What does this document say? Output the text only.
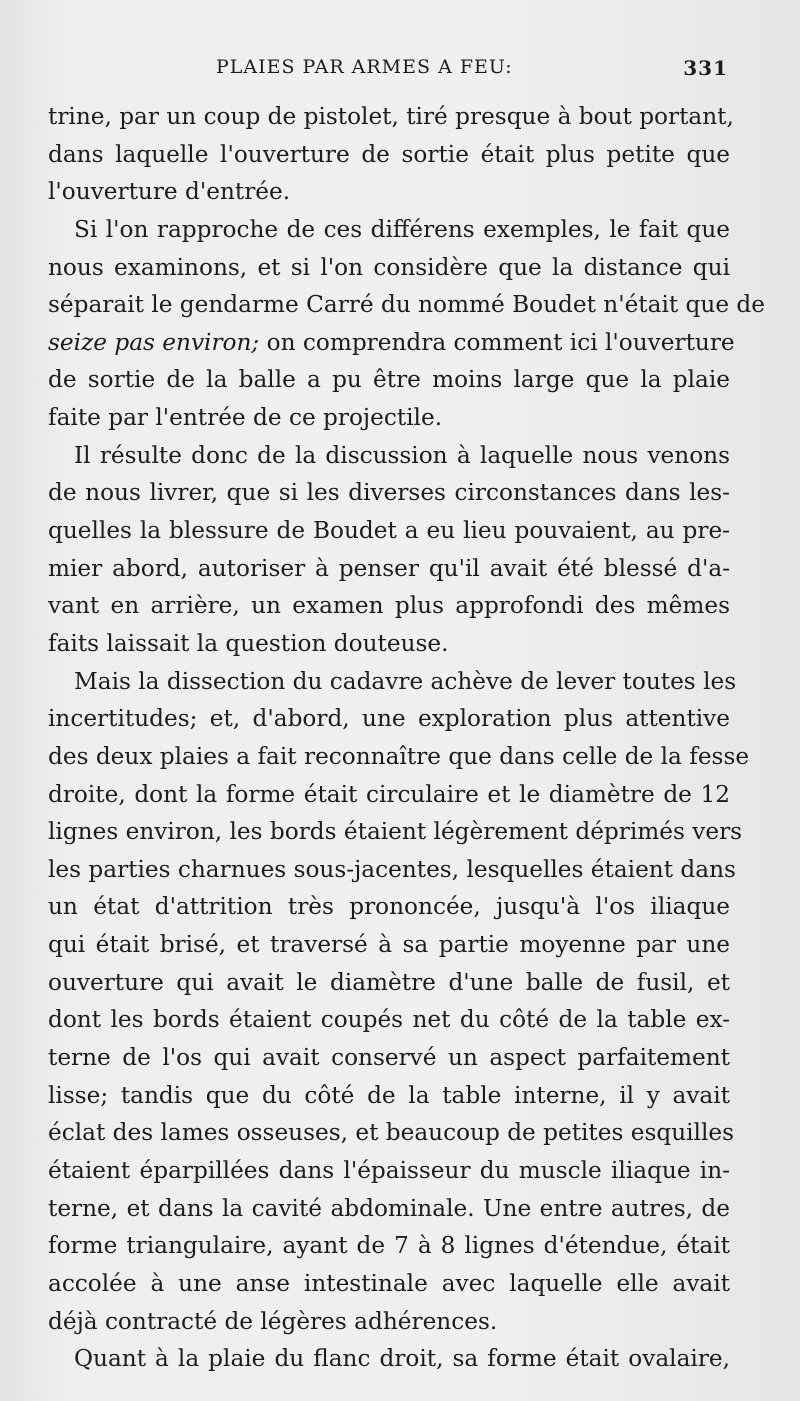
PLAIES PAR ARMES A FEU:	331
trine, par un coup de pistolet, tiré presque à bout portant,
dans laquelle l'ouverture de sortie était plus petite que
l'ouverture d'entrée.
Si l'on rapproche de ces différens exemples, le fait que
nous examinons, et si l'on considère que la distance qui
séparait le gendarme Carré du nommé Boudet n'était que de
seize pas environ; on comprendra comment ici l'ouverture
de sortie de la balle a pu être moins large que la plaie
faite par l'entrée de ce projectile.
Il résulte donc de la discussion à laquelle nous venons
de nous livrer, que si les diverses circonstances dans les-
quelles la blessure de Boudet a eu lieu pouvaient, au pre-
mier abord, autoriser à penser qu'il avait été blessé d'a-
vant en arrière, un examen plus approfondi des mêmes
faits laissait la question douteuse.
Mais la dissection du cadavre achève de lever toutes les
incertitudes; et, d'abord, une exploration plus attentive
des deux plaies a fait reconnaître que dans celle de la fesse
droite, dont la forme était circulaire et le diamètre de 12
lignes environ, les bords étaient légèrement déprimés vers
les parties charnues sous-jacentes, lesquelles étaient dans
un état d'attrition très prononcée, jusqu'à l'os iliaque
qui était brisé, et traversé à sa partie moyenne par une
ouverture qui avait le diamètre d'une balle de fusil, et
dont les bords étaient coupés net du côté de la table ex-
terne de l'os qui avait conservé un aspect parfaitement
lisse; tandis que du côté de la table interne, il y avait
éclat des lames osseuses, et beaucoup de petites esquilles
étaient éparpillées dans l'épaisseur du muscle iliaque in-
terne, et dans la cavité abdominale. Une entre autres, de
forme triangulaire, ayant de 7 à 8 lignes d'étendue, était
accolée à une anse intestinale avec laquelle elle avait
déjà contracté de légères adhérences.
Quant à la plaie du flanc droit, sa forme était ovalaire,
